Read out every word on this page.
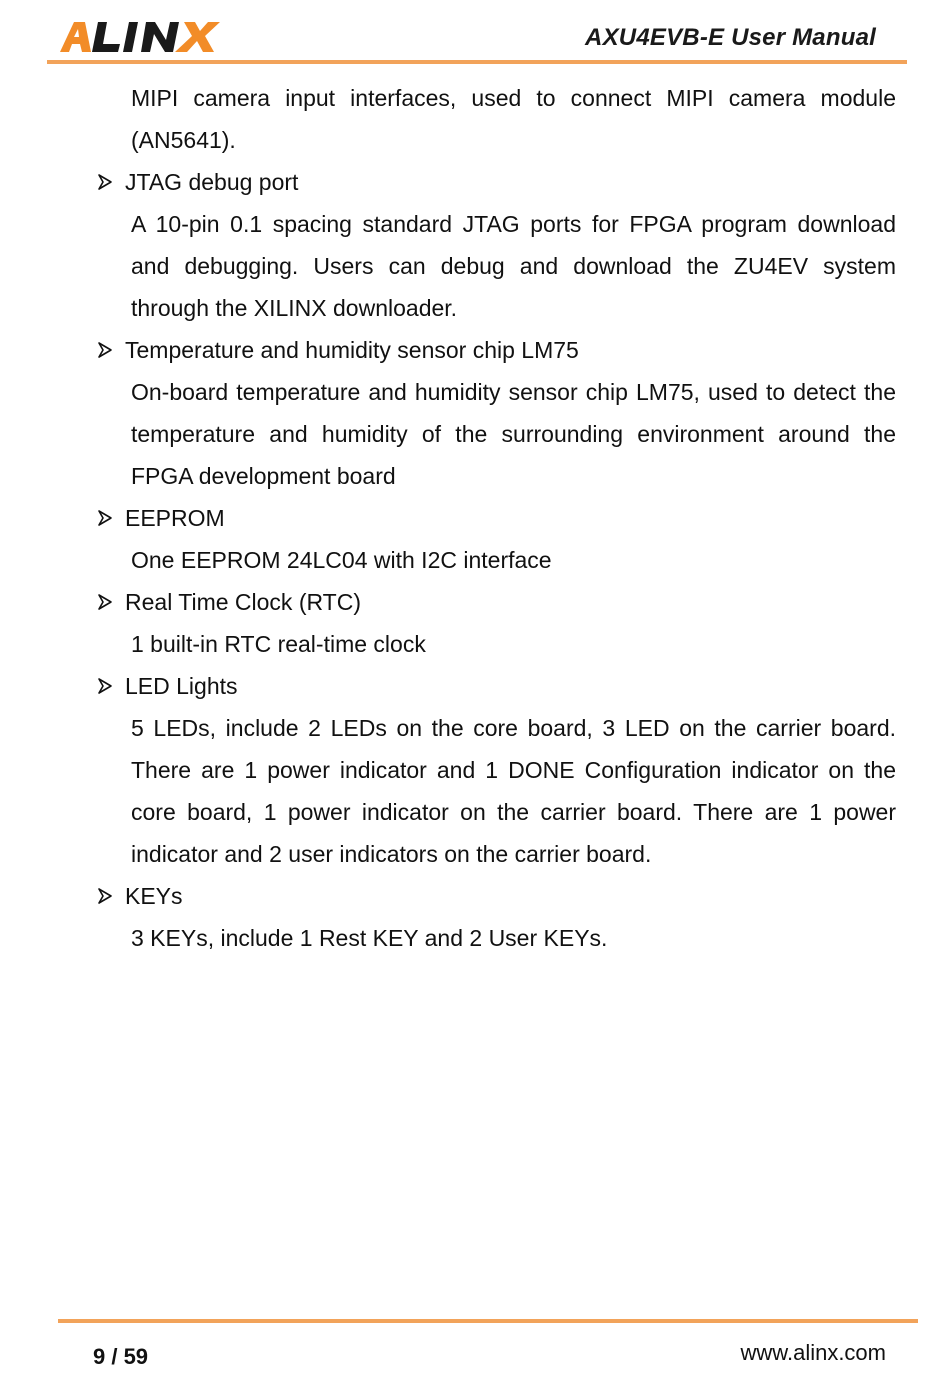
AXU4EVB-E User Manual

MIPI camera input interfaces, used to connect MIPI camera module (AN5641).

JTAG debug port

A 10-pin 0.1 spacing standard JTAG ports for FPGA program download and debugging. Users can debug and download the ZU4EV system through the XILINX downloader.

Temperature and humidity sensor chip LM75

On-board temperature and humidity sensor chip LM75, used to detect the temperature and humidity of the surrounding environment around the FPGA development board

EEPROM

One EEPROM 24LC04 with I2C interface

Real Time Clock (RTC)

1 built-in RTC real-time clock

LED Lights

5 LEDs, include 2 LEDs on the core board, 3 LED on the carrier board. There are 1 power indicator and 1 DONE Configuration indicator on the core board, 1 power indicator on the carrier board. There are 1 power indicator and 2 user indicators on the carrier board.

KEYs

3 KEYs, include 1 Rest KEY and 2 User KEYs.

9 / 59	www.alinx.com
